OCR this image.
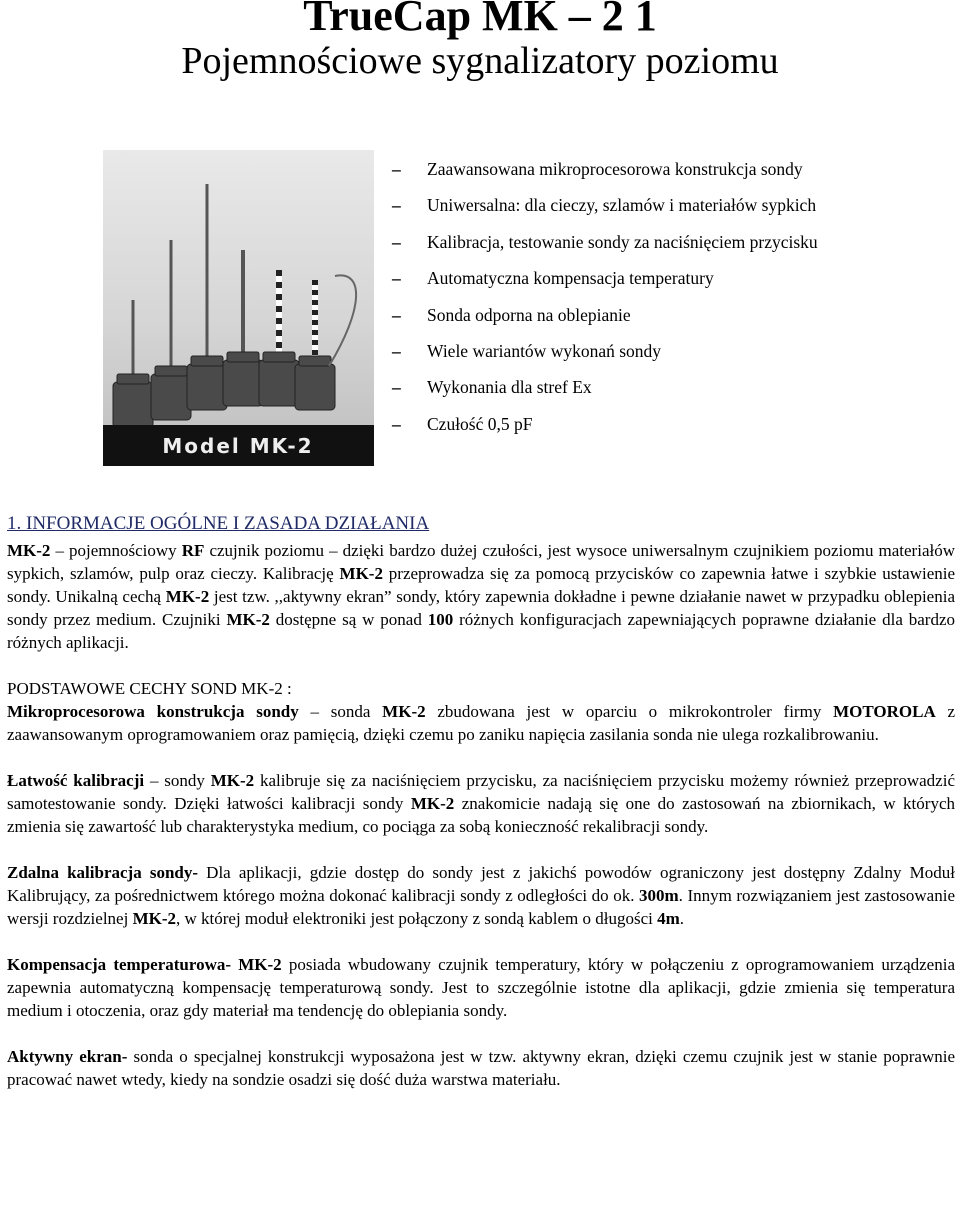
TrueCap MK – 2 1
Pojemnościowe sygnalizatory poziomu
Model MK-2
– Zaawansowana mikroprocesorowa konstrukcja sondy
– Uniwersalna: dla cieczy, szlamów i materiałów sypkich
– Kalibracja, testowanie sondy za naciśnięciem przycisku
– Automatyczna kompensacja temperatury
– Sonda odporna na oblepianie
– Wiele wariantów wykonań sondy
– Wykonania dla stref Ex
– Czułość 0,5 pF
1. INFORMACJE OGÓLNE I ZASADA DZIAŁANIA

MK-2 – pojemnościowy RF czujnik poziomu – dzięki bardzo dużej czułości, jest wysoce uniwersalnym czujnikiem poziomu materiałów sypkich, szlamów, pulp oraz cieczy. Kalibrację MK-2 przeprowadza się za pomocą przycisków co zapewnia łatwe i szybkie ustawienie sondy. Unikalną cechą MK-2 jest tzw. ,,aktywny ekran” sondy, który zapewnia dokładne i pewne działanie nawet w przypadku oblepienia sondy przez medium. Czujniki MK-2 dostępne są w ponad 100 różnych konfiguracjach zapewniających poprawne działanie dla bardzo różnych aplikacji.

PODSTAWOWE CECHY SOND MK-2 :

Mikroprocesorowa konstrukcja sondy – sonda MK-2 zbudowana jest w oparciu o mikrokontroler firmy MOTOROLA z zaawansowanym oprogramowaniem oraz pamięcią, dzięki czemu po zaniku napięcia zasilania sonda nie ulega rozkalibrowaniu.

Łatwość kalibracji – sondy MK-2 kalibruje się za naciśnięciem przycisku, za naciśnięciem przycisku możemy również przeprowadzić samotestowanie sondy. Dzięki łatwości kalibracji sondy MK-2 znakomicie nadają się one do zastosowań na zbiornikach, w których zmienia się zawartość lub charakterystyka medium, co pociąga za sobą konieczność rekalibracji sondy.

Zdalna kalibracja sondy- Dla aplikacji, gdzie dostęp do sondy jest z jakichś powodów ograniczony jest dostępny Zdalny Moduł Kalibrujący, za pośrednictwem którego można dokonać kalibracji sondy z odległości do ok. 300m. Innym rozwiązaniem jest zastosowanie wersji rozdzielnej MK-2, w której moduł elektroniki jest połączony z sondą kablem o długości 4m.

Kompensacja temperaturowa- MK-2 posiada wbudowany czujnik temperatury, który w połączeniu z oprogramowaniem urządzenia zapewnia automatyczną kompensację temperaturową sondy. Jest to szczególnie istotne dla aplikacji, gdzie zmienia się temperatura medium i otoczenia, oraz gdy materiał ma tendencję do oblepiania sondy.

Aktywny ekran- sonda o specjalnej konstrukcji wyposażona jest w tzw. aktywny ekran, dzięki czemu czujnik jest w stanie poprawnie pracować nawet wtedy, kiedy na sondzie osadzi się dość duża warstwa materiału.
